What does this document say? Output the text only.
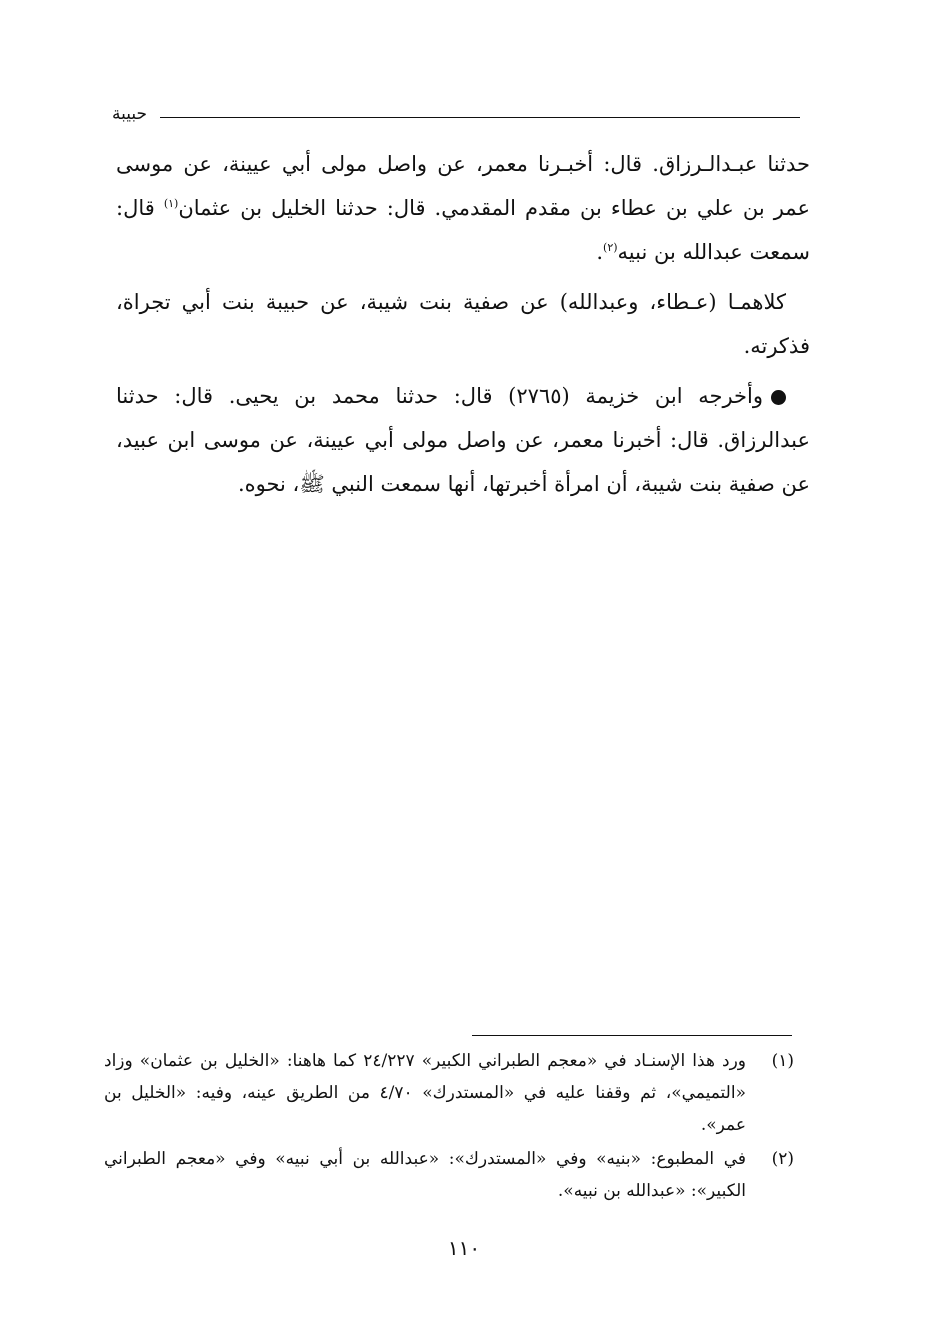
حبيبة

حدثنا عبـدالـرزاق. قال: أخبـرنا معمر، عن واصل مولى أبي عيينة، عن موسى عمر بن علي بن عطاء بن مقدم المقدمي. قال: حدثنا الخليل بن عثمان$^{(١)}$ قال: سمعت عبدالله بن نبيه$^{(٢)}$.

كلاهمـا (عـطاء، وعبدالله) عن صفية بنت شيبة، عن حبيبة بنت أبي تجراة، فذكرته.

وأخرجه ابن خزيمة (٢٧٦٥) قال: حدثنا محمد بن يحيى. قال: حدثنا عبدالرزاق. قال: أخبرنا معمر، عن واصل مولى أبي عيينة، عن موسى ابن عبيد، عن صفية بنت شيبة، أن امرأة أخبرتها، أنها سمعت النبي ﷺ، نحوه.

(١)
ورد هذا الإسنـاد في «معجم الطبراني الكبير» ٢٤/٢٢٧ كما هاهنا: «الخليل بن عثمان» وزاد «التميمي»، ثم وقفنا عليه في «المستدرك» ٤/٧٠ من الطريق عينه، وفيه: «الخليل بن عمر».
(٢)
في المطبوع: «بنيه» وفي «المستدرك»: «عبدالله بن أبي نبيه» وفي «معجم الطبراني الكبير»: «عبدالله بن نبيه».
١١٠
